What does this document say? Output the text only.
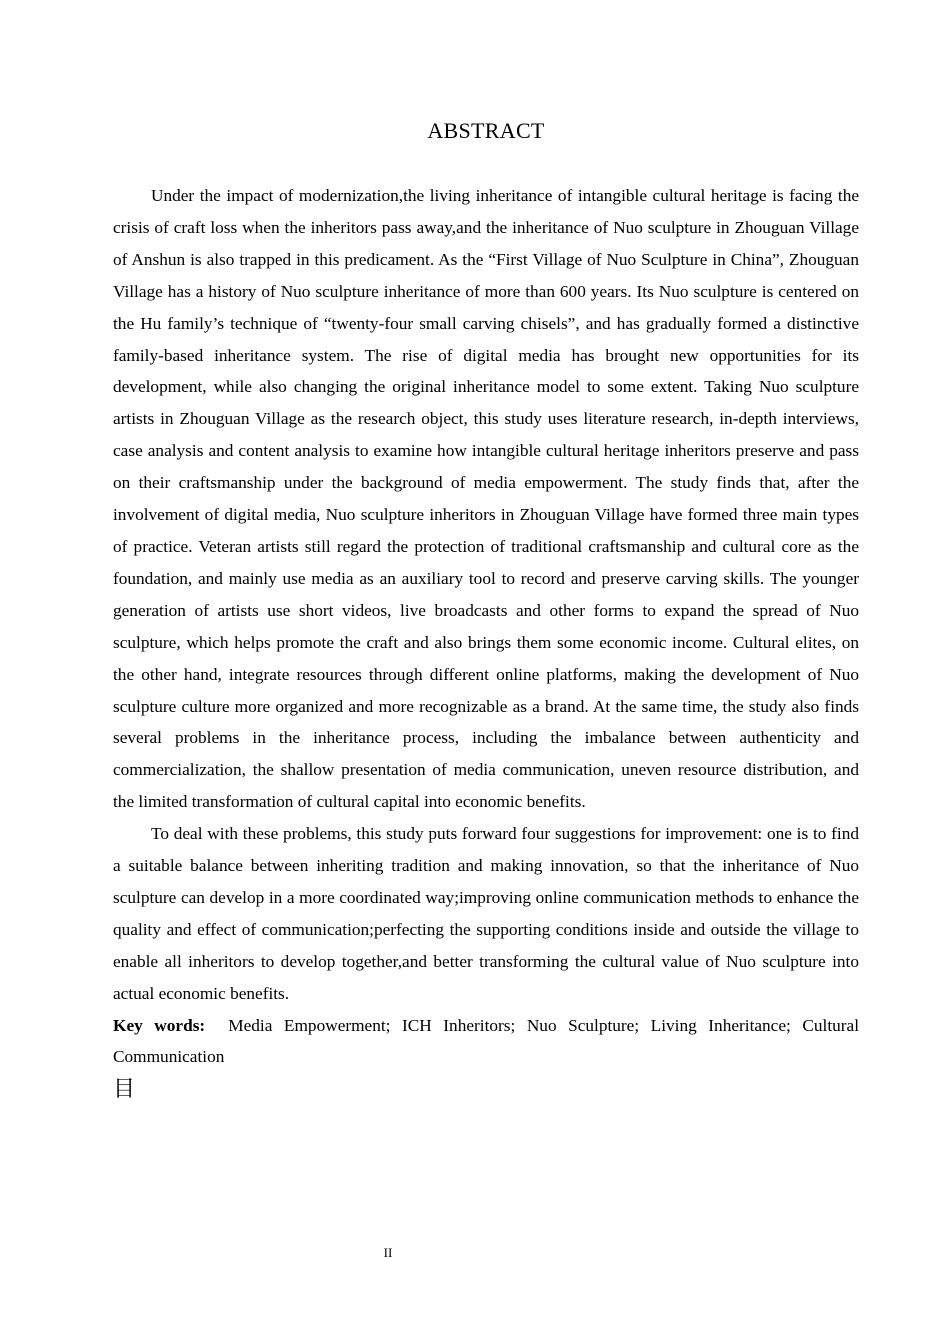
ABSTRACT

Under the impact of modernization,the living inheritance of intangible cultural heritage is facing the crisis of craft loss when the inheritors pass away,and the inheritance of Nuo sculpture in Zhouguan Village of Anshun is also trapped in this predicament. As the “First Village of Nuo Sculpture in China”, Zhouguan Village has a history of Nuo sculpture inheritance of more than 600 years. Its Nuo sculpture is centered on the Hu family’s technique of “twenty-four small carving chisels”, and has gradually formed a distinctive family-based inheritance system. The rise of digital media has brought new opportunities for its development, while also changing the original inheritance model to some extent. Taking Nuo sculpture artists in Zhouguan Village as the research object, this study uses literature research, in-depth interviews, case analysis and content analysis to examine how intangible cultural heritage inheritors preserve and pass on their craftsmanship under the background of media empowerment. The study finds that, after the involvement of digital media, Nuo sculpture inheritors in Zhouguan Village have formed three main types of practice. Veteran artists still regard the protection of traditional craftsmanship and cultural core as the foundation, and mainly use media as an auxiliary tool to record and preserve carving skills. The younger generation of artists use short videos, live broadcasts and other forms to expand the spread of Nuo sculpture, which helps promote the craft and also brings them some economic income. Cultural elites, on the other hand, integrate resources through different online platforms, making the development of Nuo sculpture culture more organized and more recognizable as a brand. At the same time, the study also finds several problems in the inheritance process, including the imbalance between authenticity and commercialization, the shallow presentation of media communication, uneven resource distribution, and the limited transformation of cultural capital into economic benefits.

To deal with these problems, this study puts forward four suggestions for improvement: one is to find a suitable balance between inheriting tradition and making innovation, so that the inheritance of Nuo sculpture can develop in a more coordinated way;improving online communication methods to enhance the quality and effect of communication;perfecting the supporting conditions inside and outside the village to enable all inheritors to develop together,and better transforming the cultural value of Nuo sculpture into actual economic benefits.

Key words: Media Empowerment; ICH Inheritors; Nuo Sculpture; Living Inheritance; Cultural Communication

目

II
